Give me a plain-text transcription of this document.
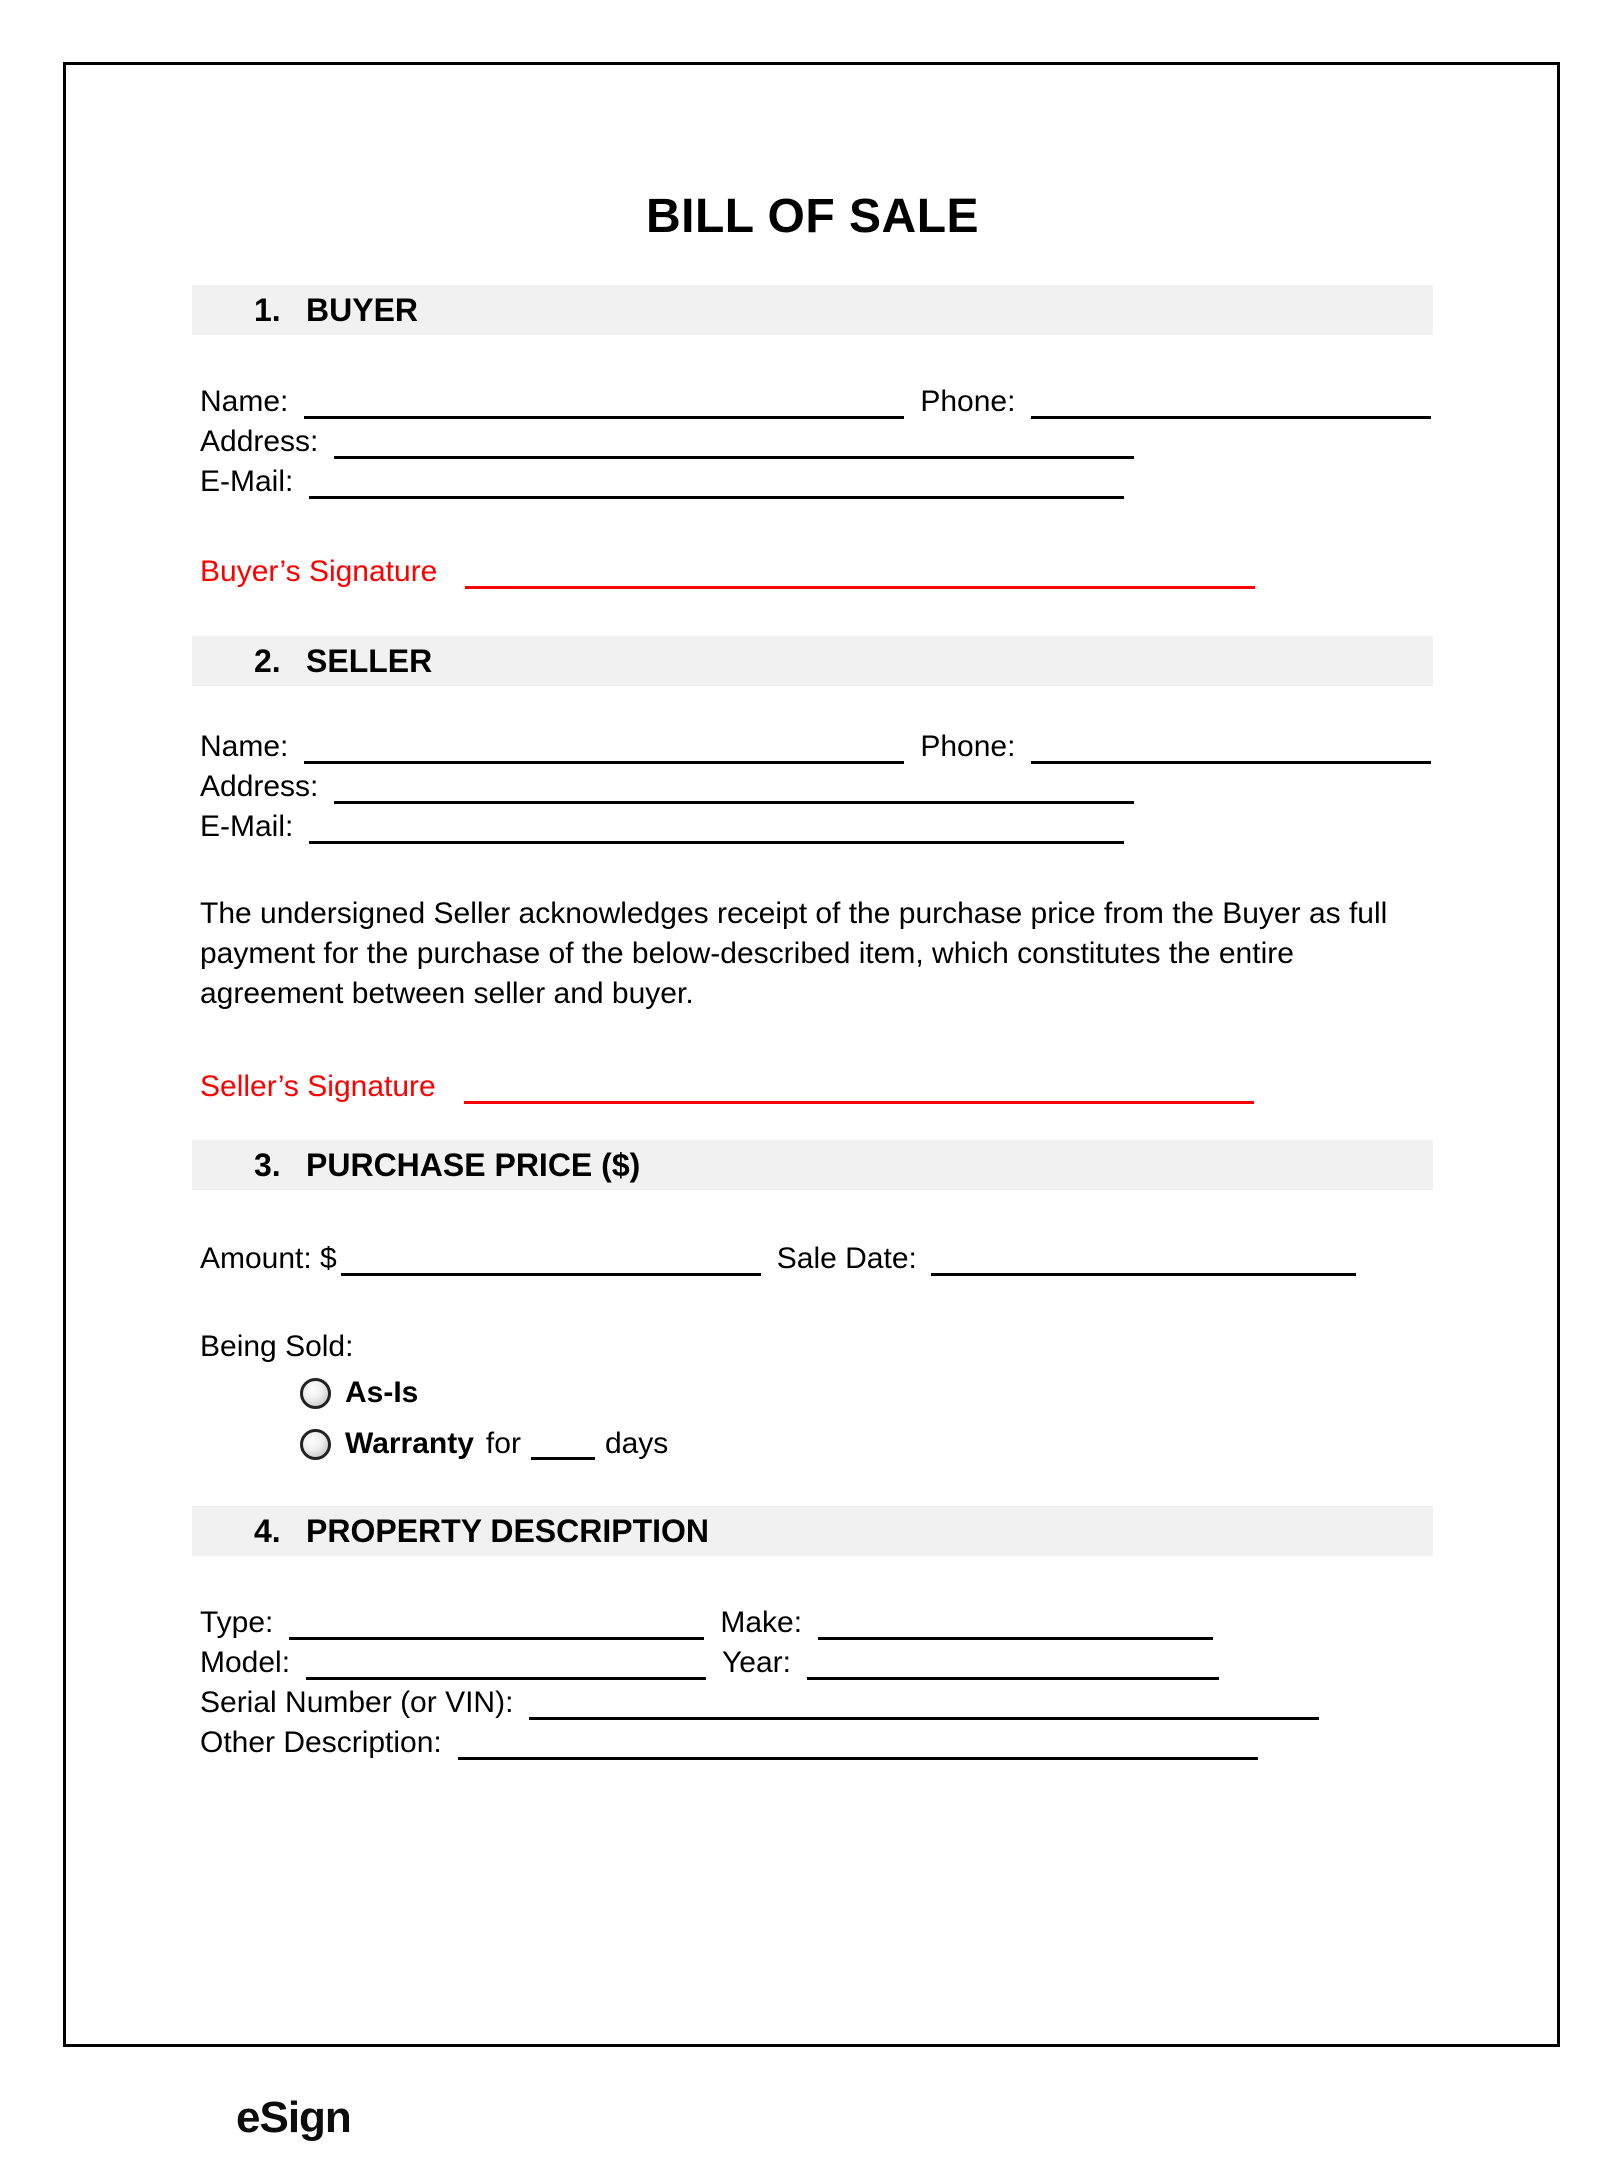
BILL OF SALE
1. BUYER
Name:	Phone:
Address:
E-Mail:
Buyer’s Signature
2. SELLER
Name:	Phone:
Address:
E-Mail:

The undersigned Seller acknowledges receipt of the purchase price from the Buyer as full payment for the purchase of the below-described item, which constitutes the entire agreement between seller and buyer.

Seller’s Signature
3. PURCHASE PRICE ($)
Amount: $	Sale Date:
Being Sold:
As-Is
Warranty for	days
4. PROPERTY DESCRIPTION
Type:	Make:
Model:	Year:
Serial Number (or VIN):
Other Description:
eSign
